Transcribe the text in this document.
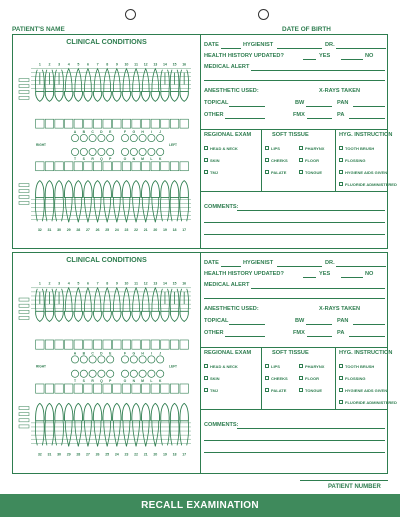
PATIENT'S NAME	DATE OF BIRTH
CLINICAL CONDITIONS
1 2 3 4 5 6 7 8 9 10 11 12 13 14 15 16
A
T
B
S
C
R
D
Q
E
P
F
O
G
N
H
M
I
L
J
K
RIGHT	LEFT
32 31 30 29 28 27 26 25 24 23 22 21 20 19 18 17
DATE	HYGIENIST	DR.
HEALTH HISTORY UPDATED?	YES	NO
MEDICAL ALERT
ANESTHETIC USED:	X-RAYS TAKEN
TOPICAL	BW	PAN
OTHER	FMX	PA
REGIONAL EXAM	SOFT TISSUE	HYG. INSTRUCTION
HEAD & NECK
SKIN
TMJ
LIPS
CHEEKS
PALATE
PHARYNX
FLOOR
TONGUE
TOOTH BRUSH
FLOSSING
HYGIENE AIDS GIVEN
FLUORIDE ADMINISTERED
COMMENTS:
CLINICAL CONDITIONS
1 2 3 4 5 6 7 8 9 10 11 12 13 14 15 16
A
T
B
S
C
R
D
Q
E
P
F
O
G
N
H
M
I
L
J
K
RIGHT	LEFT
32 31 30 29 28 27 26 25 24 23 22 21 20 19 18 17
DATE	HYGIENIST	DR.
HEALTH HISTORY UPDATED?	YES	NO
MEDICAL ALERT
ANESTHETIC USED:	X-RAYS TAKEN
TOPICAL	BW	PAN
OTHER	FMX	PA
REGIONAL EXAM	SOFT TISSUE	HYG. INSTRUCTION
HEAD & NECK
SKIN
TMJ
LIPS
CHEEKS
PALATE
PHARYNX
FLOOR
TONGUE
TOOTH BRUSH
FLOSSING
HYGIENE AIDS GIVEN
FLUORIDE ADMINISTERED
COMMENTS:
PATIENT NUMBER
RECALL EXAMINATION
